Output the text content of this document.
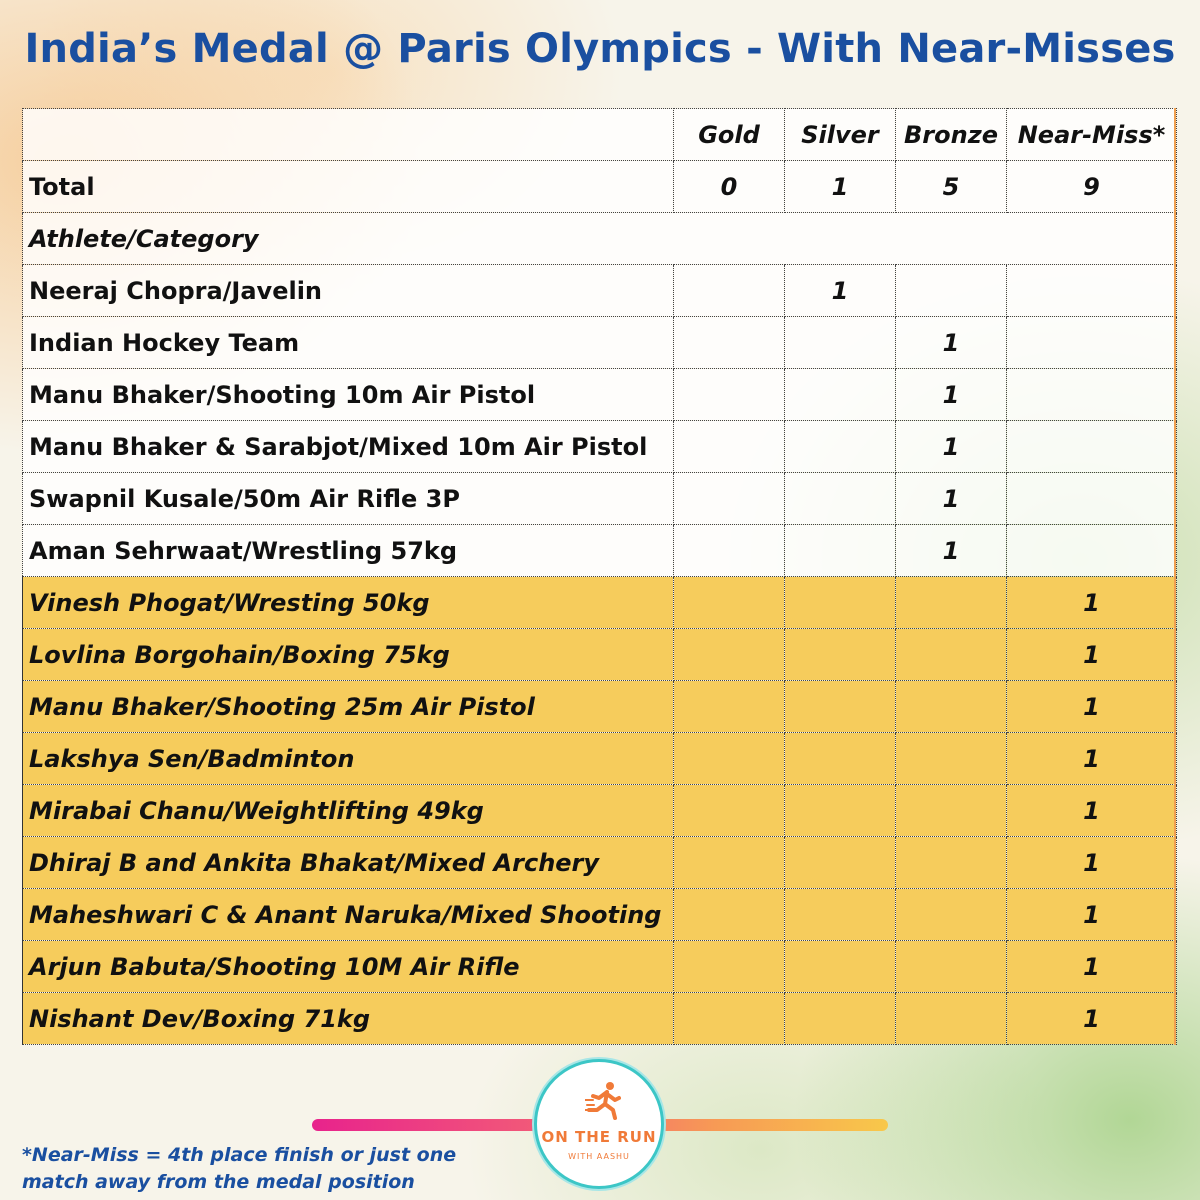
India’s Medal @ Paris Olympics - With Near-Misses
	Gold	Silver	Bronze	Near-Miss*
Total	0	1	5	9
Athlete/Category				
Neeraj Chopra/Javelin		1		
Indian Hockey Team			1	
Manu Bhaker/Shooting 10m Air Pistol			1	
Manu Bhaker & Sarabjot/Mixed 10m Air Pistol			1	
Swapnil Kusale/50m Air Rifle 3P			1	
Aman Sehrwaat/Wrestling 57kg			1	
Vinesh Phogat/Wresting 50kg				1
Lovlina Borgohain/Boxing 75kg				1
Manu Bhaker/Shooting 25m Air Pistol				1
Lakshya Sen/Badminton				1
Mirabai Chanu/Weightlifting 49kg				1
Dhiraj B and Ankita Bhakat/Mixed Archery				1
Maheshwari C & Anant Naruka/Mixed Shooting				1
Arjun Babuta/Shooting 10M Air Rifle				1
Nishant Dev/Boxing 71kg				1
*Near-Miss = 4th place finish or just one match away from the medal position
ON THE RUN
WITH AASHU
